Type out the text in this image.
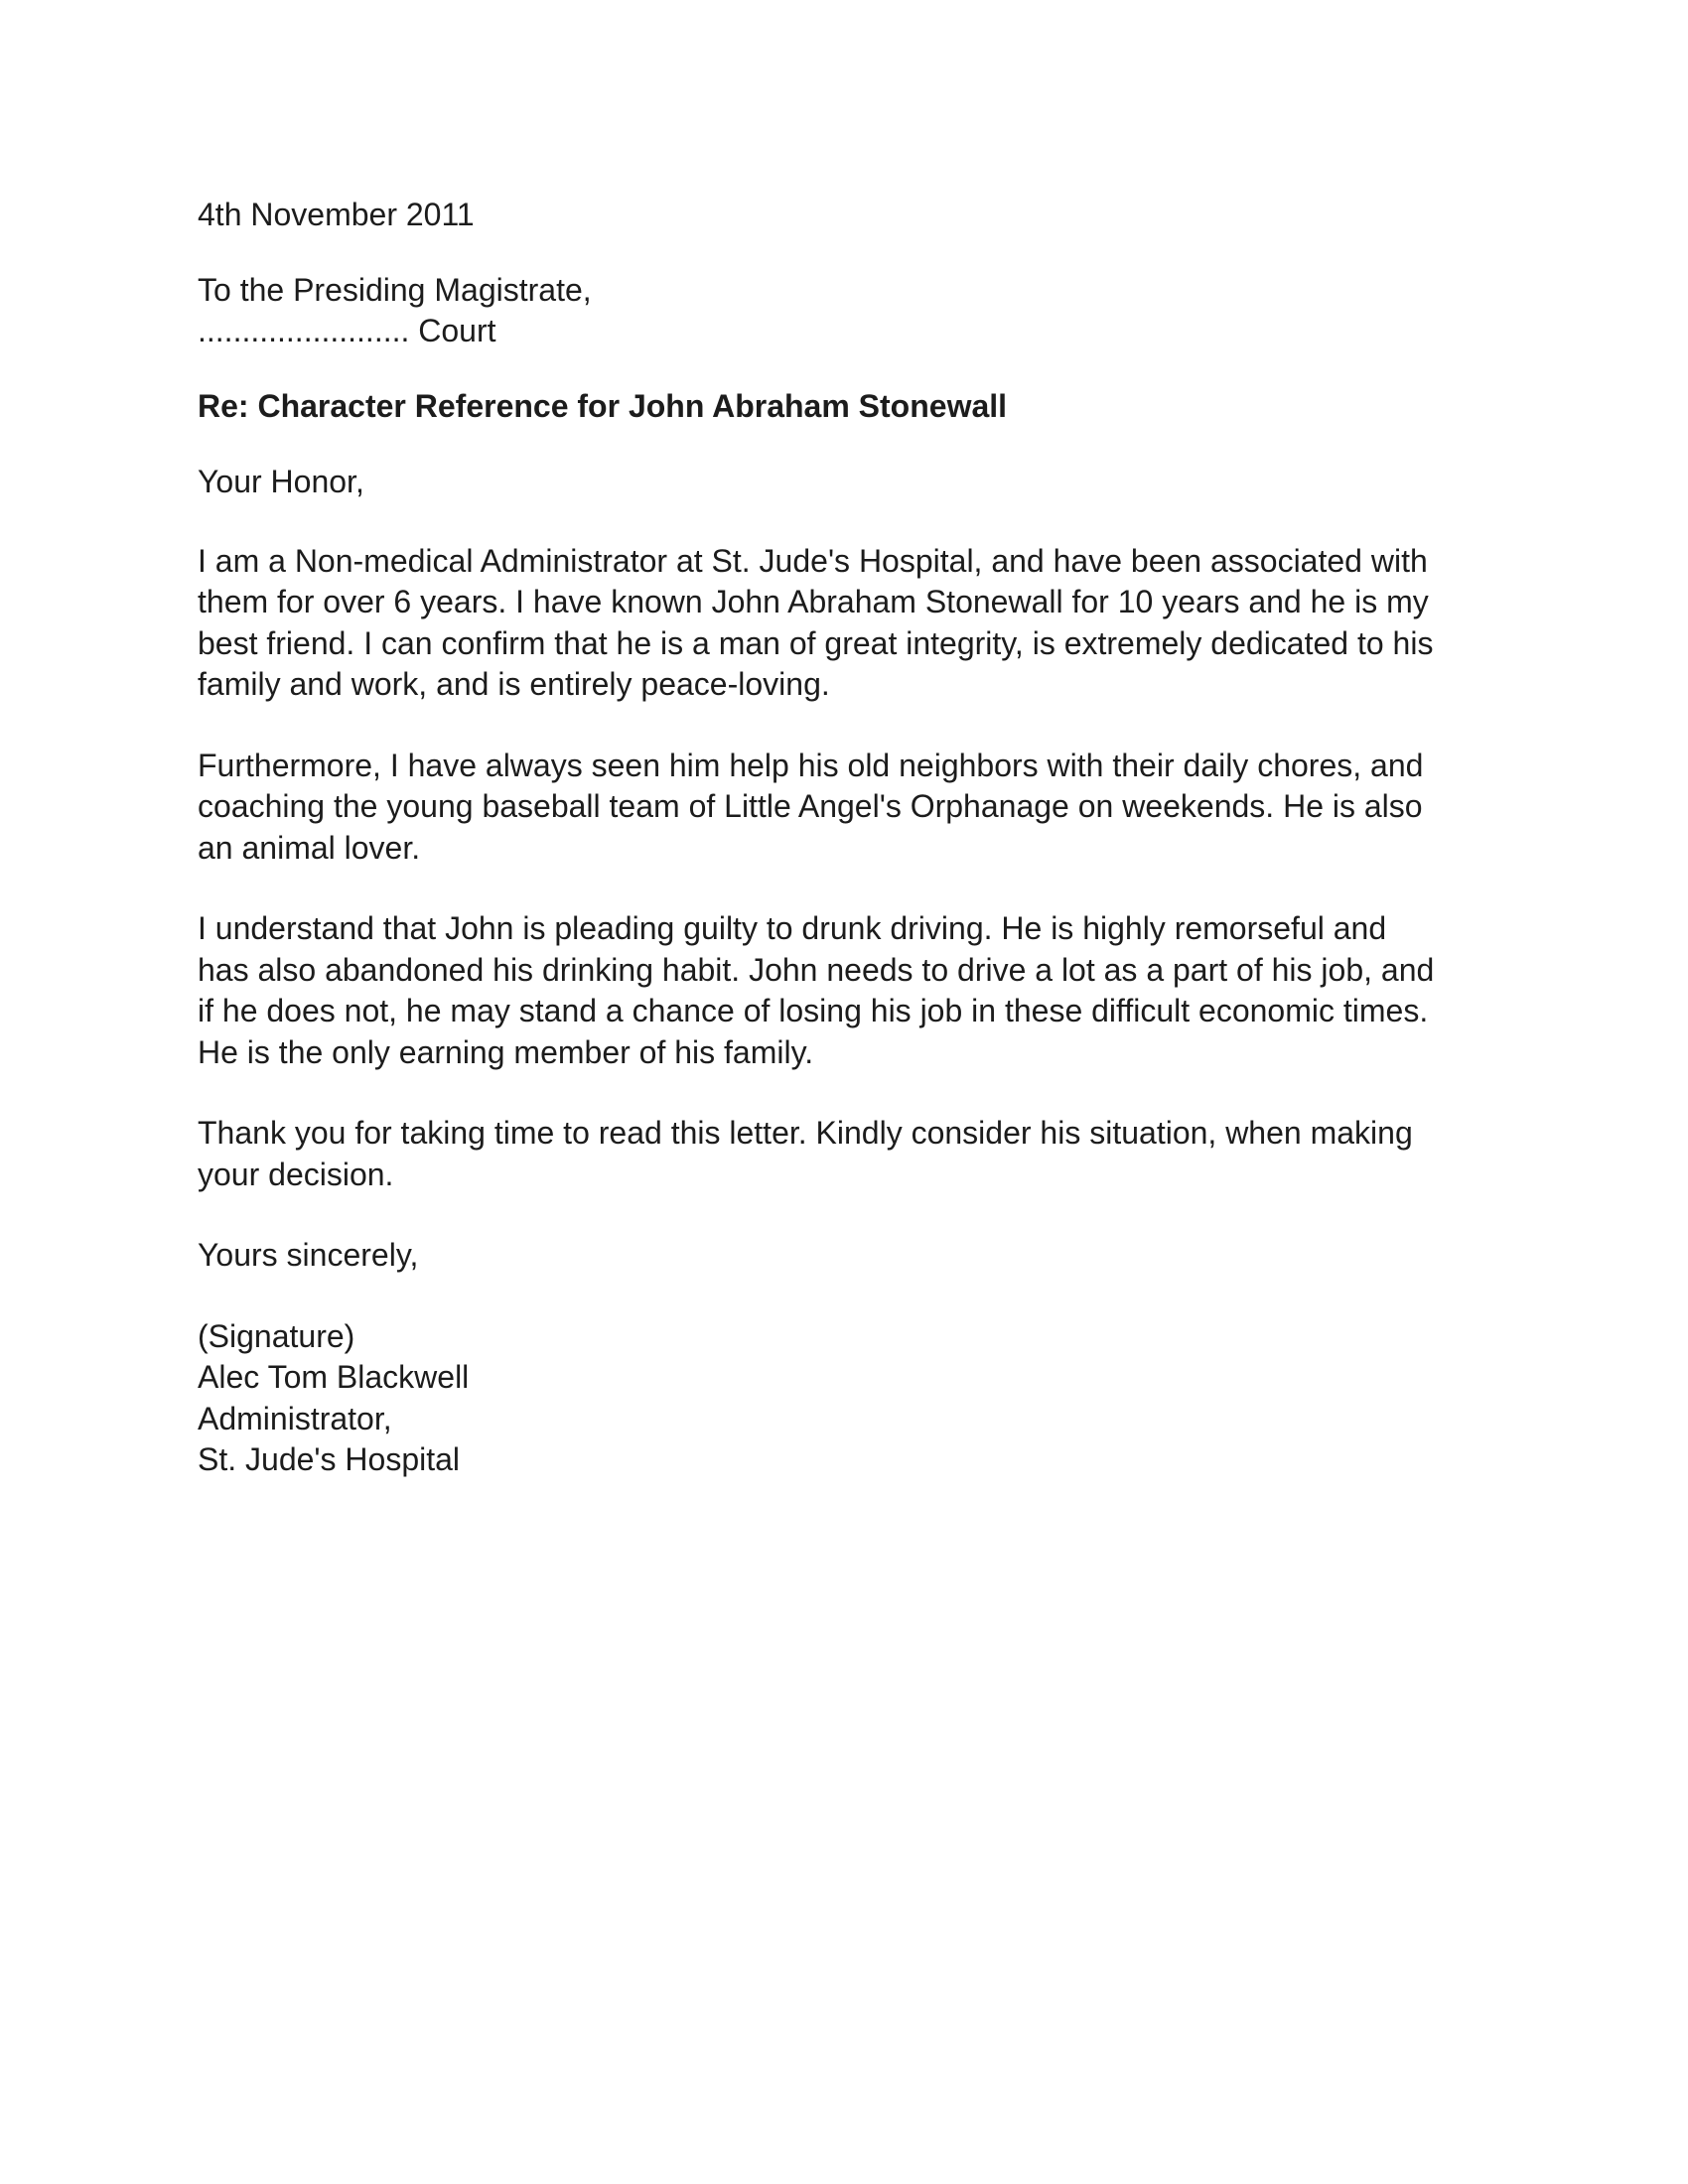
4th November 2011

To the Presiding Magistrate,
........................ Court

Re: Character Reference for John Abraham Stonewall

Your Honor,

I am a Non-medical Administrator at St. Jude's Hospital, and have been associated with
them for over 6 years. I have known John Abraham Stonewall for 10 years and he is my
best friend. I can confirm that he is a man of great integrity, is extremely dedicated to his
family and work, and is entirely peace-loving.

Furthermore, I have always seen him help his old neighbors with their daily chores, and
coaching the young baseball team of Little Angel's Orphanage on weekends. He is also
an animal lover.

I understand that John is pleading guilty to drunk driving. He is highly remorseful and
has also abandoned his drinking habit. John needs to drive a lot as a part of his job, and
if he does not, he may stand a chance of losing his job in these difficult economic times.
He is the only earning member of his family.

Thank you for taking time to read this letter. Kindly consider his situation, when making
your decision.

Yours sincerely,

(Signature)
Alec Tom Blackwell
Administrator,
St. Jude's Hospital
